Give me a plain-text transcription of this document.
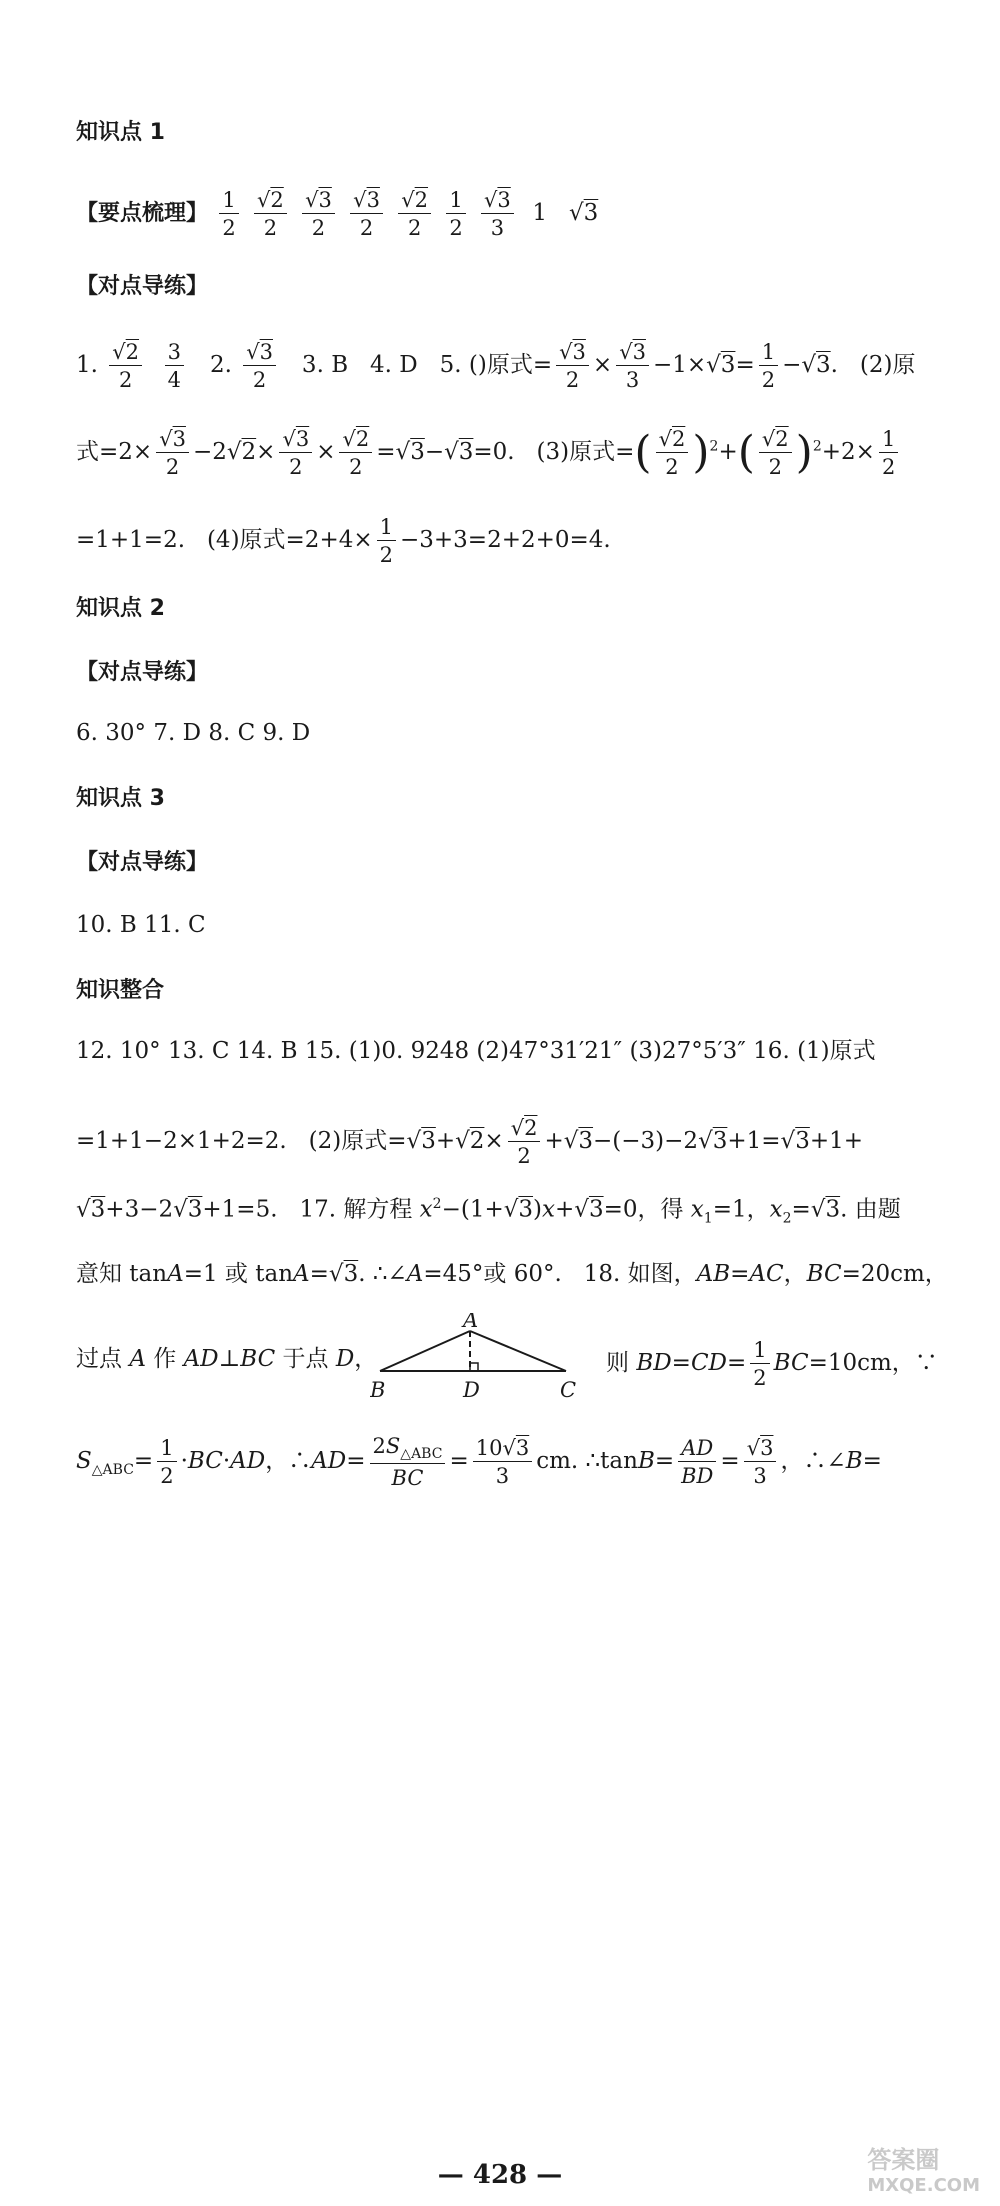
知识点 1
【要点梳理】 $\frac{1}{2}$
$\frac{√2}{2}$
$\frac{√3}{2}$
$\frac{√3}{2}$
$\frac{√2}{2}$
$\frac{1}{2}$
$\frac{√3}{3} 1$   √3
【对点导练】
1. $\frac{√2}{2}$
$\frac{3}{4} 2$. $\frac{√3}{2} 3$. B   4. D   5. ()原式= $\frac{√3}{2} \times \frac{√3}{3} -1\times√3= \frac{1}{2} -√3$.   (2)原
式$=2\times \frac{√3}{2} -2√2\times \frac{√3}{2} \times \frac{√2}{2} =√3-√3=0$.   (3)原式=( $\frac{√2}{2} )^2+( \frac{√2}{2} )^2+2\times \frac{1}{2}$
=1+1=2.   (4)原式$=2+4\times \frac{1}{2} -3+3=2+2+0=4$.
知识点 2
【对点导练】
6. 30° 7. D 8. C 9. D
知识点 3
【对点导练】
10. B 11. C
知识整合
12. 10° 13. C 14. B 15. (1)0. 9248 (2)47°31′21″ (3)27°5′3″ 16. (1)原式
=1+1−2×1+2=2.   (2)原式$=√3+√2\times \frac{√2}{2} +√3-(-3)-2√3+1=√3+1+$
√3+3−2√3+1=5.   17. 解方程 $x^2-(1+√3)x+√3=0$，得 $x_1=1$，$x_2=√3$. 由题
意知 tanA=1 或 tanA=√3. ∴∠A=45°或 60°.   18. 如图，AB=AC，BC=20cm，
过点 A 作 AD⊥BC 于点 D，
A
B	D	C
则 $BD=CD= \frac{1}{2} BC=10cm$，∵
$S_{\triangle ABC}= \frac{1}{2} \cdot BC\cdot AD$，∴AD= $\frac{2S_{\triangle ABC}}{BC} = \frac{10√3}{3}$ cm. ∴tanB= $\frac{AD}{BD} = \frac{√3}{3}$ ，∴∠B=
— 428 —	答案圈
MXQE.COM
